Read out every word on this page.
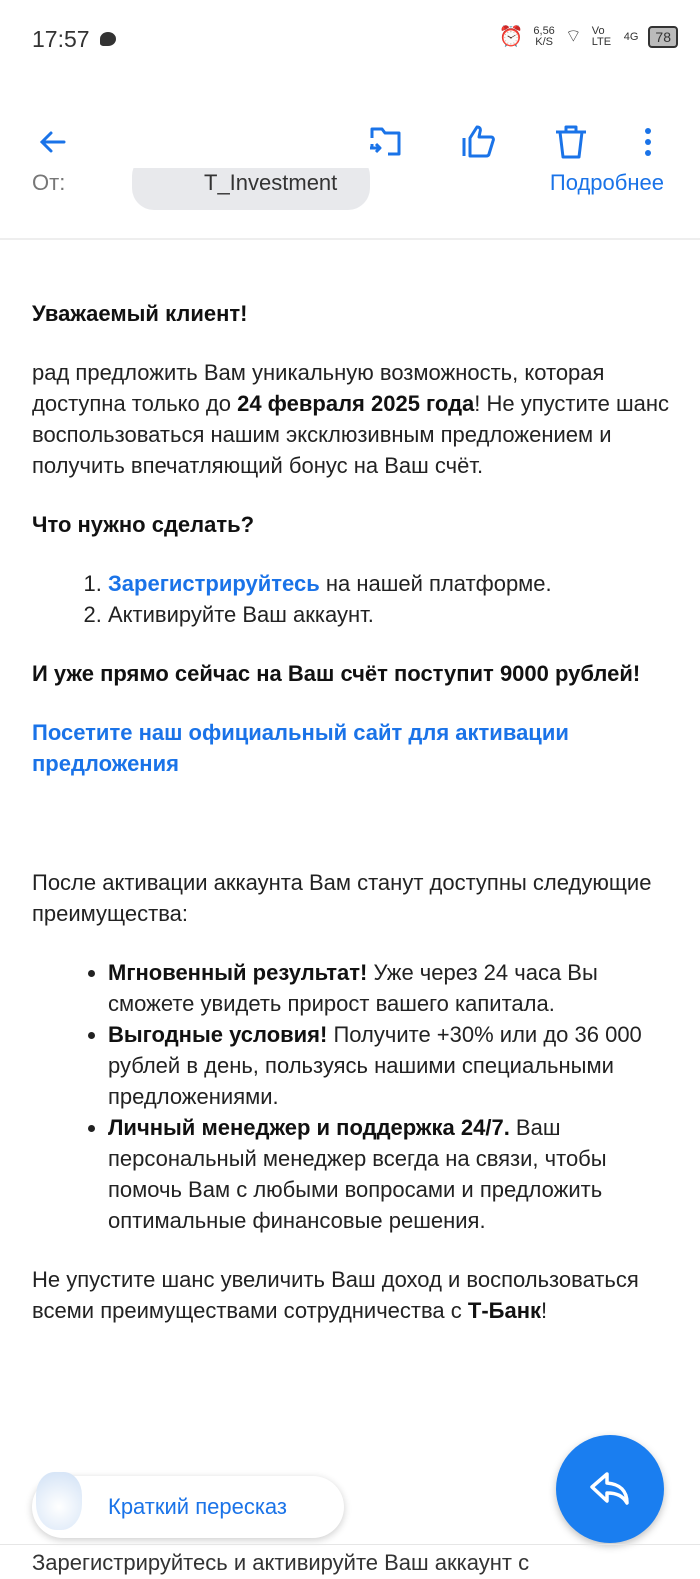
17:57	⏰ 6,56
K/S ⌔ Vo LTE 4G	78
От:	T_Investment	Подробнее

Уважаемый клиент!

рад предложить Вам уникальную возможность, которая доступна только до 24 февраля 2025 года! Не упустите шанс воспользоваться нашим эксклюзивным предложением и получить впечатляющий бонус на Ваш счёт.

Что нужно сделать?

1. Зарегистрируйтесь на нашей платформе.
2. Активируйте Ваш аккаунт.

И уже прямо сейчас на Ваш счёт поступит 9000 рублей!

Посетите наш официальный сайт для активации предложения

После активации аккаунта Вам станут доступны следующие преимущества:

• Мгновенный результат! Уже через 24 часа Вы сможете увидеть прирост вашего капитала.
• Выгодные условия! Получите +30% или до 36 000 рублей в день, пользуясь нашими специальными предложениями.
• Личный менеджер и поддержка 24/7. Ваш персональный менеджер всегда на связи, чтобы помочь Вам с любыми вопросами и предложить оптимальные финансовые решения.

Не упустите шанс увеличить Ваш доход и воспользоваться всеми преимуществами сотрудничества с Т-Банк!

Краткий пересказ
Зарегистрируйтесь и активируйте Ваш аккаунт с
